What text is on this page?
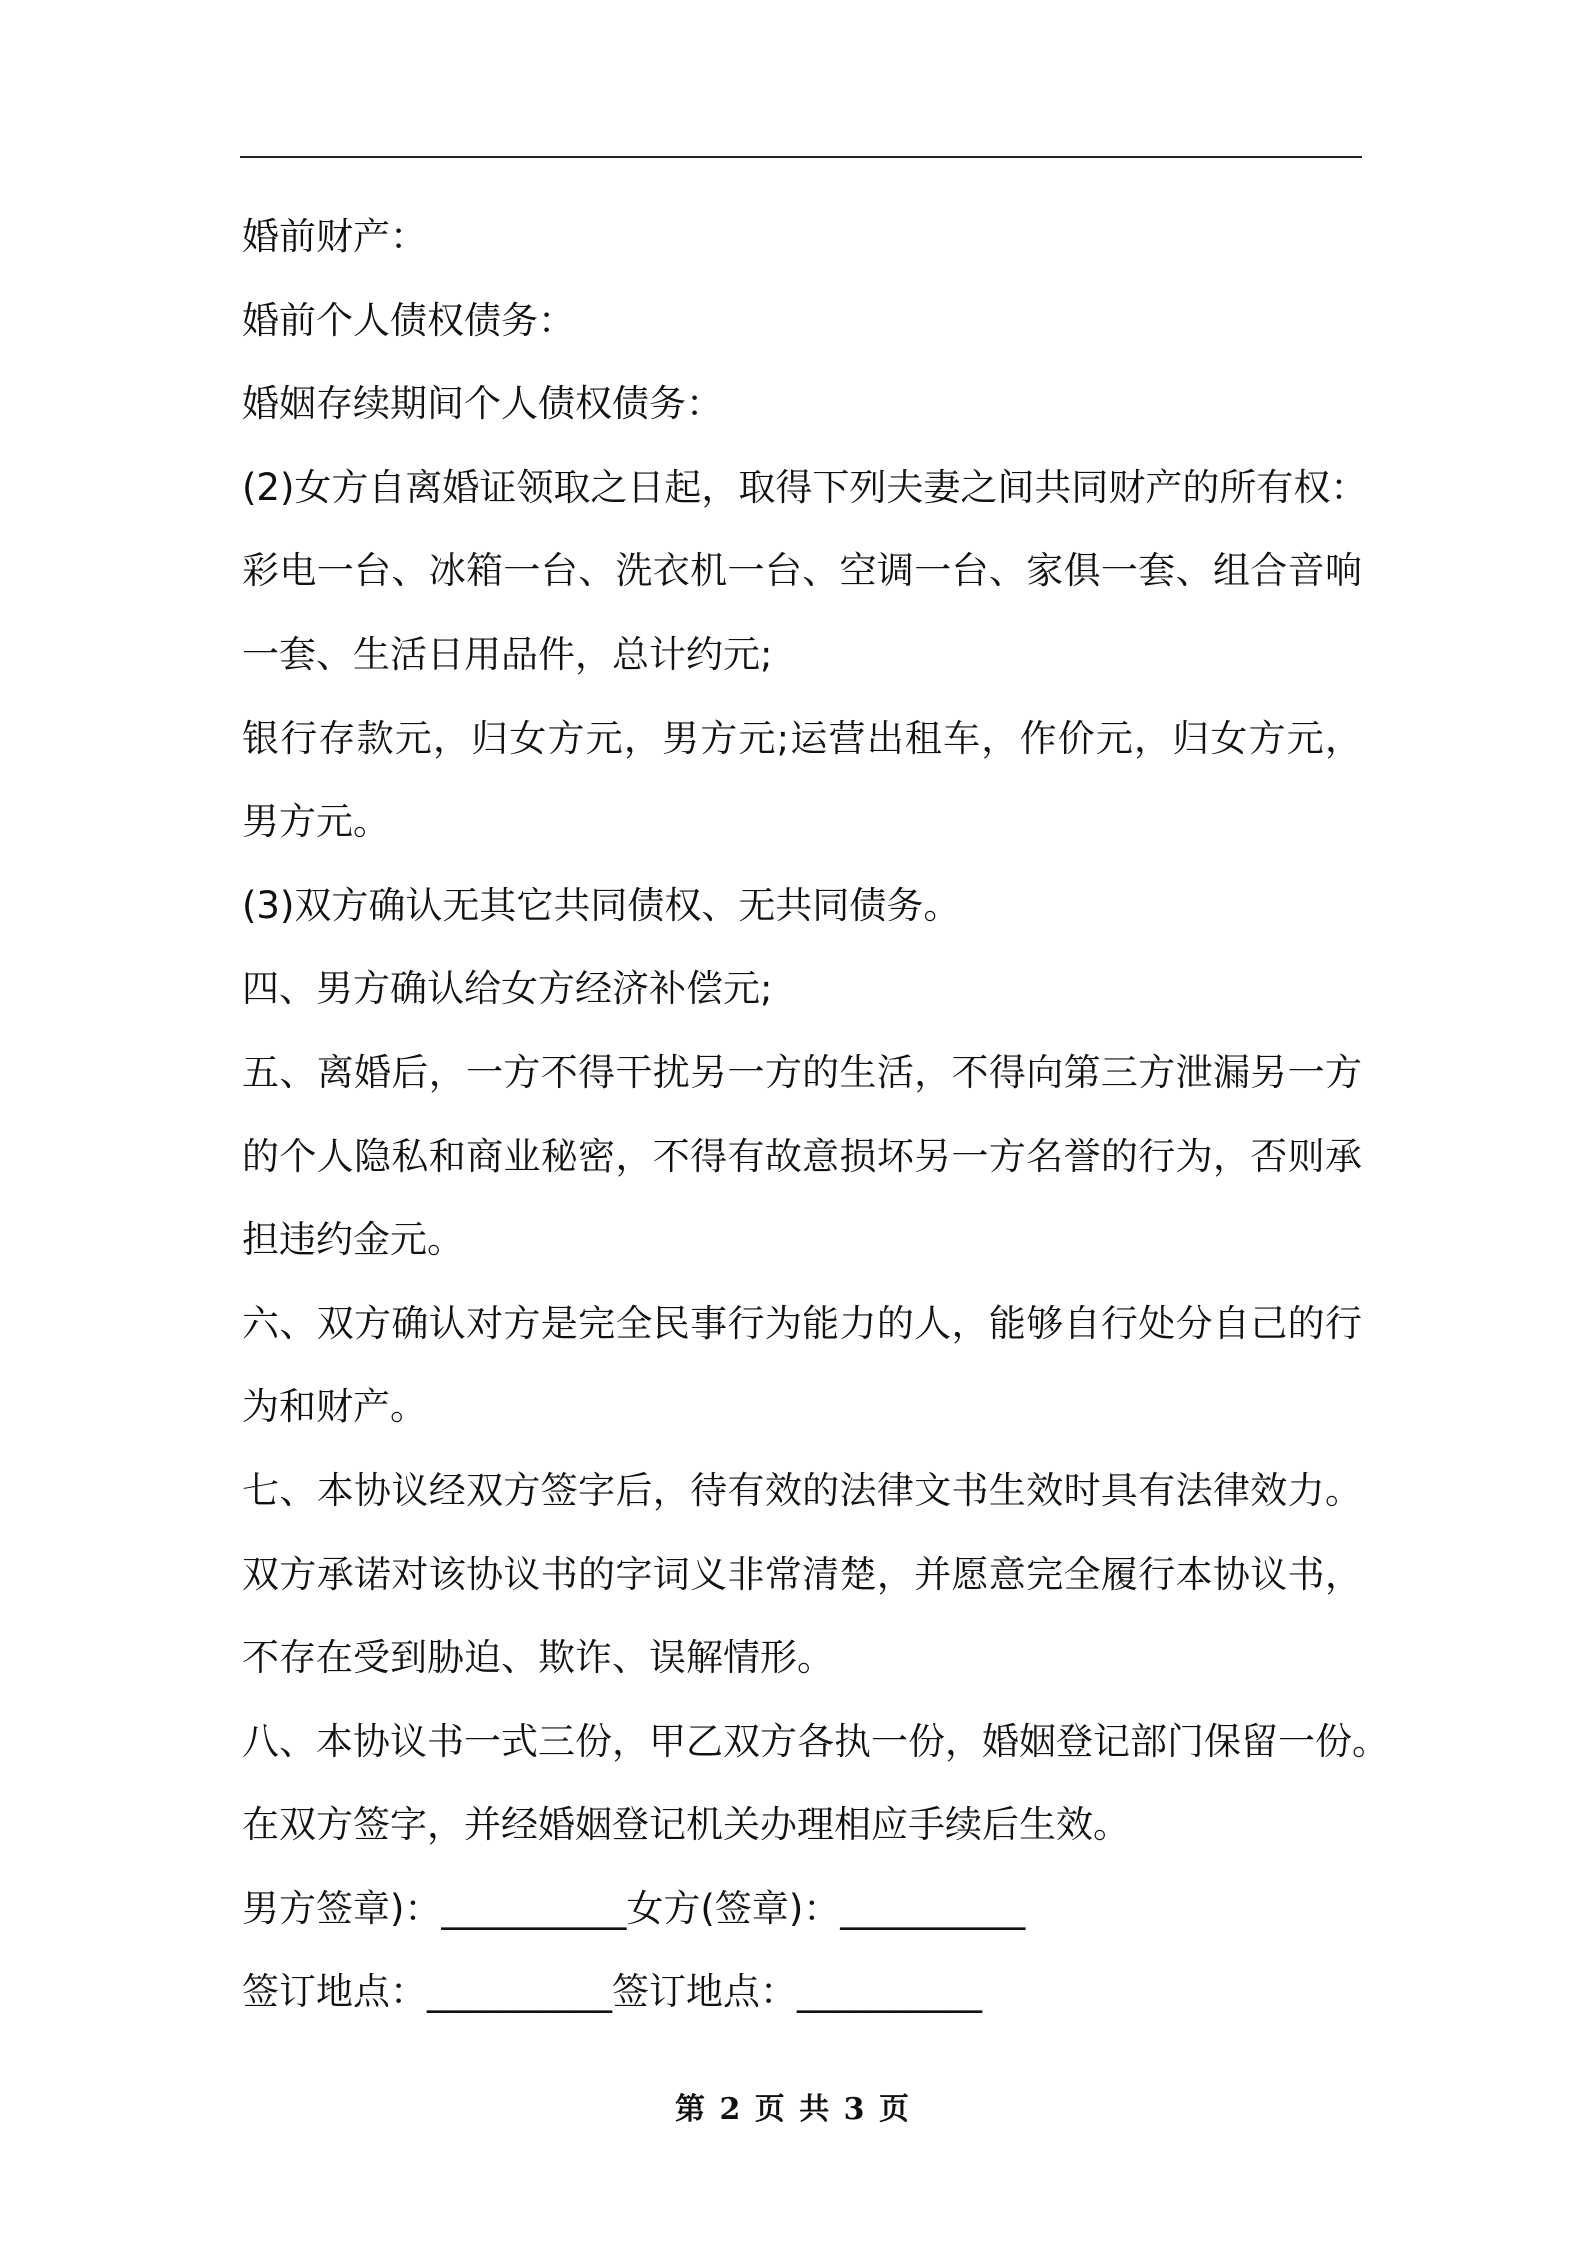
婚前财产：
婚前个人债权债务：
婚姻存续期间个人债权债务：
(2)女方自离婚证领取之日起，取得下列夫妻之间共同财产的所有权：
彩电一台、冰箱一台、洗衣机一台、空调一台、家俱一套、组合音响
一套、生活日用品件，总计约元;
银行存款元，归女方元，男方元;运营出租车，作价元，归女方元，
男方元。
(3)双方确认无其它共同债权、无共同债务。
四、男方确认给女方经济补偿元;
五、离婚后，一方不得干扰另一方的生活，不得向第三方泄漏另一方
的个人隐私和商业秘密，不得有故意损坏另一方名誉的行为，否则承
担违约金元。
六、双方确认对方是完全民事行为能力的人，能够自行处分自己的行
为和财产。
七、本协议经双方签字后，待有效的法律文书生效时具有法律效力。
双方承诺对该协议书的字词义非常清楚，并愿意完全履行本协议书，
不存在受到胁迫、欺诈、误解情形。
八、本协议书一式三份，甲乙双方各执一份，婚姻登记部门保留一份。
在双方签字，并经婚姻登记机关办理相应手续后生效。
男方签章)：__________女方(签章)：__________
签订地点：__________签订地点：__________
第 2 页 共 3 页
